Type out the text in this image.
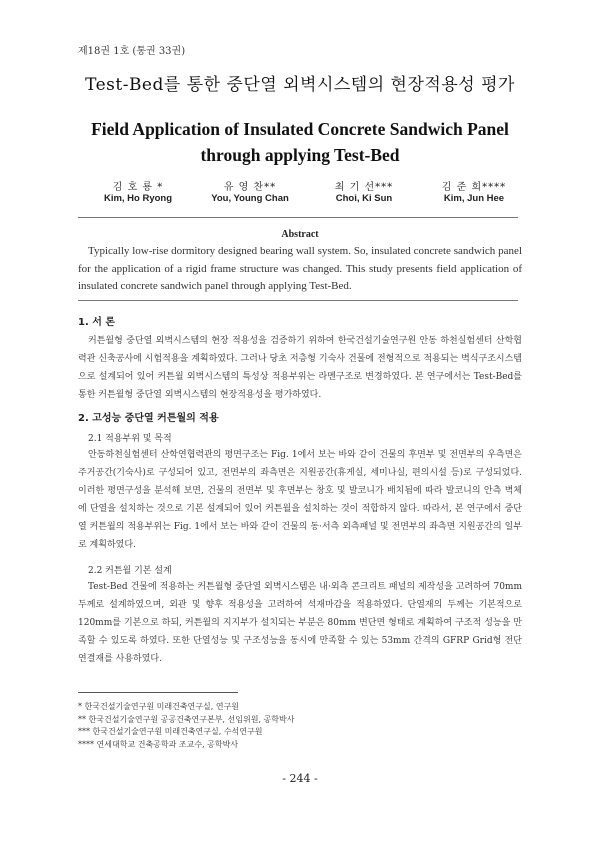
제18권 1호 (통권 33권)
Test-Bed를 통한 중단열 외벽시스템의 현장적용성 평가
Field Application of Insulated Concrete Sandwich Panel through applying Test-Bed
김 호 룡 *
Kim, Ho Ryong
유 영 찬**
You, Young Chan
최 기 선***
Choi, Ki Sun
김 준 희****
Kim, Jun Hee
Abstract
Typically low-rise dormitory designed bearing wall system. So, insulated concrete sandwich panel for the application of a rigid frame structure was changed. This study presents field application of insulated concrete sandwich panel through applying Test-Bed.
1. 서 론
커튼월형 중단열 외벽시스템의 현장 적용성을 검증하기 위하여 한국건설기술연구원 안동 하천실험센터 산학협력관 신축공사에 시험적용을 계획하였다. 그러나 당초 저층형 기숙사 건물에 전형적으로 적용되는 벽식구조시스템으로 설계되어 있어 커튼월 외벽시스템의 특성상 적용부위는 라멘구조로 변경하였다. 본 연구에서는 Test-Bed를 통한 커튼월형 중단열 외벽시스템의 현장적용성을 평가하였다.
2. 고성능 중단열 커튼월의 적용
2.1 적용부위 및 목적
안동하천실험센터 산학연협력관의 평면구조는 Fig. 1에서 보는 바와 같이 건물의 후면부 및 전면부의 우측면은 주거공간(기숙사)로 구성되어 있고, 전면부의 좌측면은 지원공간(휴게실, 세미나실, 편의시설 등)로 구성되었다. 이러한 평면구성을 분석해 보면, 건물의 전면부 및 후면부는 창호 및 발코니가 배치됨에 따라 발코니의 안측 벽체에 단열을 설치하는 것으로 기본 설계되어 있어 커튼월을 설치하는 것이 적합하지 않다. 따라서, 본 연구에서 중단열 커튼월의 적용부위는 Fig. 1에서 보는 바와 같이 건물의 동·서측 외측패널 및 전면부의 좌측면 지원공간의 일부로 계획하였다.
2.2 커튼월 기본 설계
Test-Bed 건물에 적용하는 커튼월형 중단열 외벽시스템은 내·외측 콘크리트 패널의 제작성을 고려하여 70mm 두께로 설계하였으며, 외관 및 향후 적용성을 고려하여 석재마감을 적용하였다. 단열재의 두께는 기본적으로 120mm를 기본으로 하되, 커튼월의 지지부가 설치되는 부분은 80mm 변단면 형태로 계획하여 구조적 성능을 만족할 수 있도록 하였다. 또한 단열성능 및 구조성능을 동시에 만족할 수 있는 53mm 간격의 GFRP Grid형 전단연결재를 사용하였다.
* 한국건설기술연구원 미래건축연구실, 연구원
** 한국건설기술연구원 공공건축연구본부, 선임위원, 공학박사
*** 한국건설기술연구원 미래건축연구실, 수석연구원
**** 연세대학교 건축공학과 조교수, 공학박사
- 244 -
